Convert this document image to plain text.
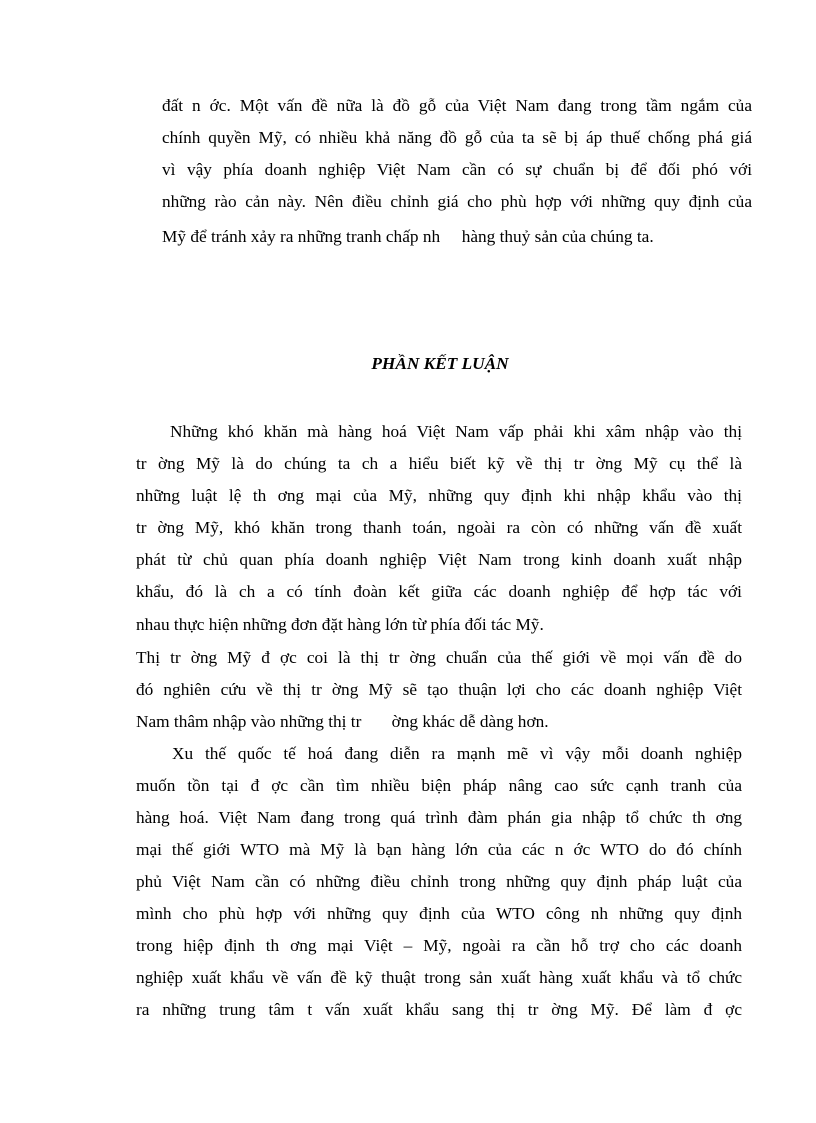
đất n ớc. Một vấn đề nữa là đồ gỗ của Việt Nam đang trong tầm ngắm của
chính quyền Mỹ, có nhiều khả năng đồ gỗ của ta sẽ bị áp thuế chống phá giá
vì vậy phía doanh nghiệp Việt Nam cần có sự chuẩn bị để đối phó với
những rào cản này. Nên điều chỉnh giá cho phù hợp với những quy định của
Mỹ để tránh xảy ra những tranh chấp nh     hàng thuỷ sản của chúng ta.
PHẦN KẾT LUẬN
Những khó khăn mà hàng hoá Việt Nam vấp phải khi xâm nhập vào thị
tr ờng Mỹ là do chúng ta ch a hiểu biết kỹ về thị tr ờng Mỹ cụ thể là
những luật lệ th ơng mại của Mỹ, những quy định khi nhập khẩu vào thị
tr ờng Mỹ, khó khăn trong thanh toán, ngoài ra còn có những vấn đề xuất
phát từ chủ quan phía doanh nghiệp Việt Nam trong kinh doanh xuất nhập
khẩu, đó là ch a có tính đoàn kết giữa các doanh nghiệp để hợp tác với
nhau thực hiện những đơn đặt hàng lớn từ phía đối tác Mỹ.
Thị tr ờng Mỹ đ ợc coi là thị tr ờng chuẩn của thế giới về mọi vấn đề do
đó nghiên cứu về thị tr ờng Mỹ sẽ tạo thuận lợi cho các doanh nghiệp Việt
Nam thâm nhập vào những thị tr       ờng khác dễ dàng hơn.
Xu thế quốc tế hoá đang diễn ra mạnh mẽ vì vậy mỗi doanh nghiệp
muốn tồn tại đ ợc cần tìm nhiều biện pháp nâng cao sức cạnh tranh của
hàng hoá. Việt Nam đang trong quá trình đàm phán gia nhập tổ chức th ơng
mại thế giới WTO mà Mỹ là bạn hàng lớn của các n ớc WTO do đó chính
phủ Việt Nam cần có những điều chỉnh trong những quy định pháp luật của
mình cho phù hợp với những quy định của WTO công nh những quy định
trong hiệp định th ơng mại Việt – Mỹ, ngoài ra cần hỗ trợ cho các doanh
nghiệp xuất khẩu về vấn đề kỹ thuật trong sản xuất hàng xuất khẩu và tổ chức
ra những trung tâm t vấn xuất khẩu sang thị tr ờng Mỹ. Để làm đ ợc
